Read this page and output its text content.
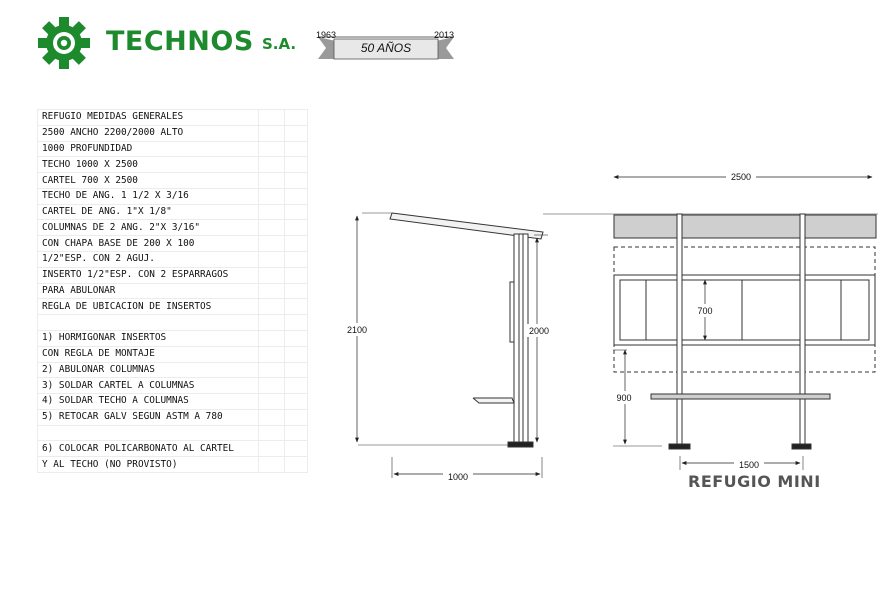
TECHNOS S.A. 1963	2013
50 AÑOS
REFUGIO MEDIDAS GENERALES		
2500 ANCHO 2200/2000 ALTO		
1000 PROFUNDIDAD		
TECHO 1000 X 2500		
CARTEL 700 X 2500		
TECHO DE ANG. 1 1/2 X 3/16		
CARTEL DE ANG. 1"X 1/8"		
COLUMNAS DE 2 ANG. 2"X 3/16"		
CON CHAPA BASE DE 200 X 100		
1/2"ESP. CON 2 AGUJ.		
INSERTO 1/2"ESP. CON 2 ESPARRAGOS		
PARA ABULONAR		
REGLA DE UBICACION DE INSERTOS		

1) HORMIGONAR INSERTOS		
CON REGLA DE MONTAJE		
2) ABULONAR COLUMNAS		
3) SOLDAR CARTEL A COLUMNAS		
4) SOLDAR TECHO A COLUMNAS		
5) RETOCAR GALV SEGUN ASTM A 780		

6) COLOCAR POLICARBONATO AL CARTEL		
Y AL TECHO (NO PROVISTO)		
2100	2000
1000
2500
700
900
1500
REFUGIO MINI
